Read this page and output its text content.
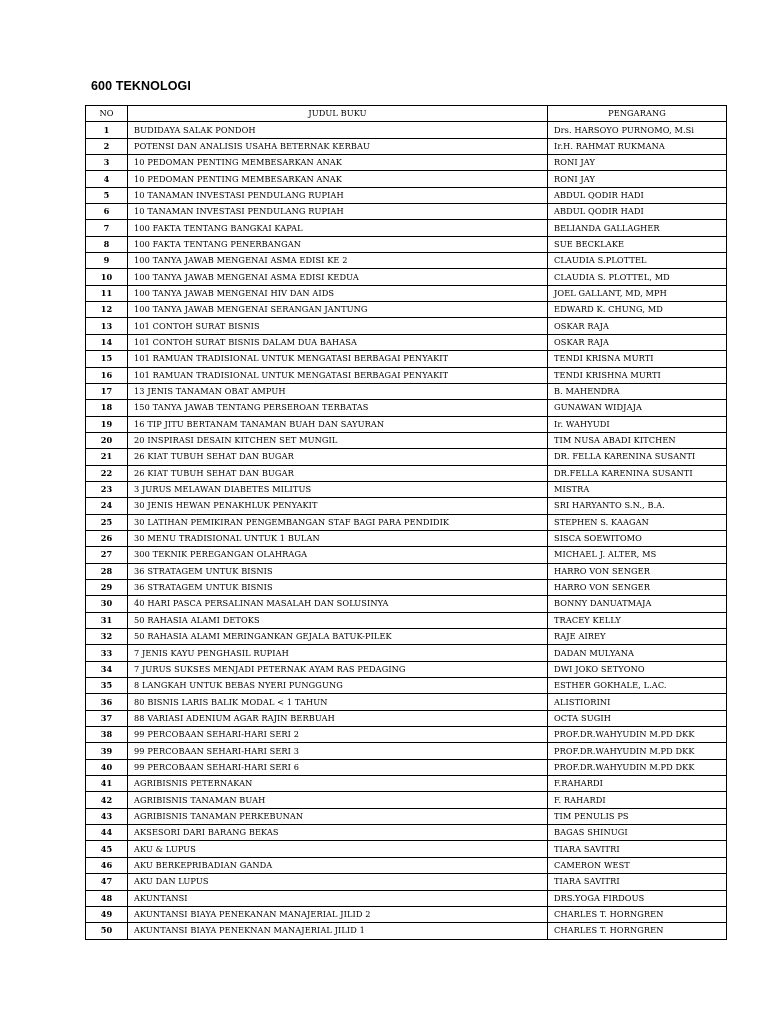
600 TEKNOLOGI
NO	JUDUL BUKU	PENGARANG
1	BUDIDAYA SALAK PONDOH	Drs. HARSOYO PURNOMO, M.Si
2	POTENSI DAN ANALISIS USAHA BETERNAK KERBAU	Ir.H. RAHMAT RUKMANA
3	10 PEDOMAN PENTING MEMBESARKAN ANAK	RONI JAY
4	10 PEDOMAN PENTING MEMBESARKAN ANAK	RONI JAY
5	10 TANAMAN INVESTASI PENDULANG RUPIAH	ABDUL QODIR HADI
6	10 TANAMAN INVESTASI PENDULANG RUPIAH	ABDUL QODIR HADI
7	100 FAKTA TENTANG BANGKAI KAPAL	BELIANDA GALLAGHER
8	100 FAKTA TENTANG PENERBANGAN	SUE BECKLAKE
9	100 TANYA JAWAB MENGENAI ASMA EDISI KE 2	CLAUDIA S.PLOTTEL
10	100 TANYA JAWAB MENGENAI ASMA EDISI KEDUA	CLAUDIA S. PLOTTEL, MD
11	100 TANYA JAWAB MENGENAI HIV DAN AIDS	JOEL GALLANT, MD, MPH
12	100 TANYA JAWAB MENGENAI SERANGAN JANTUNG	EDWARD K. CHUNG, MD
13	101 CONTOH SURAT BISNIS	OSKAR RAJA
14	101 CONTOH SURAT BISNIS DALAM DUA BAHASA	OSKAR RAJA
15	101 RAMUAN TRADISIONAL UNTUK MENGATASI BERBAGAI PENYAKIT	TENDI KRISNA MURTI
16	101 RAMUAN TRADISIONAL UNTUK MENGATASI BERBAGAI PENYAKIT	TENDI KRISHNA MURTI
17	13 JENIS TANAMAN OBAT AMPUH	B. MAHENDRA
18	150 TANYA JAWAB TENTANG PERSEROAN TERBATAS	GUNAWAN WIDJAJA
19	16 TIP JITU BERTANAM TANAMAN BUAH DAN SAYURAN	Ir. WAHYUDI
20	20 INSPIRASI DESAIN KITCHEN SET MUNGIL	TIM NUSA ABADI KITCHEN
21	26 KIAT TUBUH SEHAT DAN BUGAR	DR. FELLA KARENINA SUSANTI
22	26 KIAT TUBUH SEHAT DAN BUGAR	DR.FELLA KARENINA SUSANTI
23	3 JURUS MELAWAN DIABETES MILITUS	MISTRA
24	30 JENIS HEWAN PENAKHLUK PENYAKIT	SRI HARYANTO S.N., B.A.
25	30 LATIHAN PEMIKIRAN PENGEMBANGAN STAF BAGI PARA PENDIDIK	STEPHEN S. KAAGAN
26	30 MENU TRADISIONAL UNTUK 1 BULAN	SISCA SOEWITOMO
27	300 TEKNIK PEREGANGAN OLAHRAGA	MICHAEL J. ALTER, MS
28	36 STRATAGEM UNTUK BISNIS	HARRO VON SENGER
29	36 STRATAGEM UNTUK BISNIS	HARRO VON SENGER
30	40 HARI PASCA PERSALINAN MASALAH DAN SOLUSINYA	BONNY DANUATMAJA
31	50 RAHASIA ALAMI DETOKS	TRACEY KELLY
32	50 RAHASIA ALAMI MERINGANKAN GEJALA BATUK-PILEK	RAJE AIREY
33	7 JENIS KAYU PENGHASIL RUPIAH	DADAN MULYANA
34	7 JURUS SUKSES MENJADI PETERNAK AYAM RAS PEDAGING	DWI JOKO SETYONO
35	8 LANGKAH UNTUK BEBAS NYERI PUNGGUNG	ESTHER GOKHALE, L.AC.
36	80 BISNIS LARIS BALIK MODAL < 1 TAHUN	ALISTIORINI
37	88 VARIASI ADENIUM AGAR RAJIN BERBUAH	OCTA SUGIH
38	99 PERCOBAAN SEHARI-HARI SERI 2	PROF.DR.WAHYUDIN M.PD DKK
39	99 PERCOBAAN SEHARI-HARI SERI 3	PROF.DR.WAHYUDIN M.PD DKK
40	99 PERCOBAAN SEHARI-HARI SERI 6	PROF.DR.WAHYUDIN M.PD DKK
41	AGRIBISNIS PETERNAKAN	F.RAHARDI
42	AGRIBISNIS TANAMAN BUAH	F. RAHARDI
43	AGRIBISNIS TANAMAN PERKEBUNAN	TIM PENULIS PS
44	AKSESORI DARI BARANG BEKAS	BAGAS SHINUGI
45	AKU & LUPUS	TIARA SAVITRI
46	AKU BERKEPRIBADIAN GANDA	CAMERON WEST
47	AKU DAN LUPUS	TIARA SAVITRI
48	AKUNTANSI	DRS.YOGA FIRDOUS
49	AKUNTANSI BIAYA PENEKANAN MANAJERIAL JILID 2	CHARLES T. HORNGREN
50	AKUNTANSI BIAYA PENEKNAN MANAJERIAL JILID 1	CHARLES T. HORNGREN
